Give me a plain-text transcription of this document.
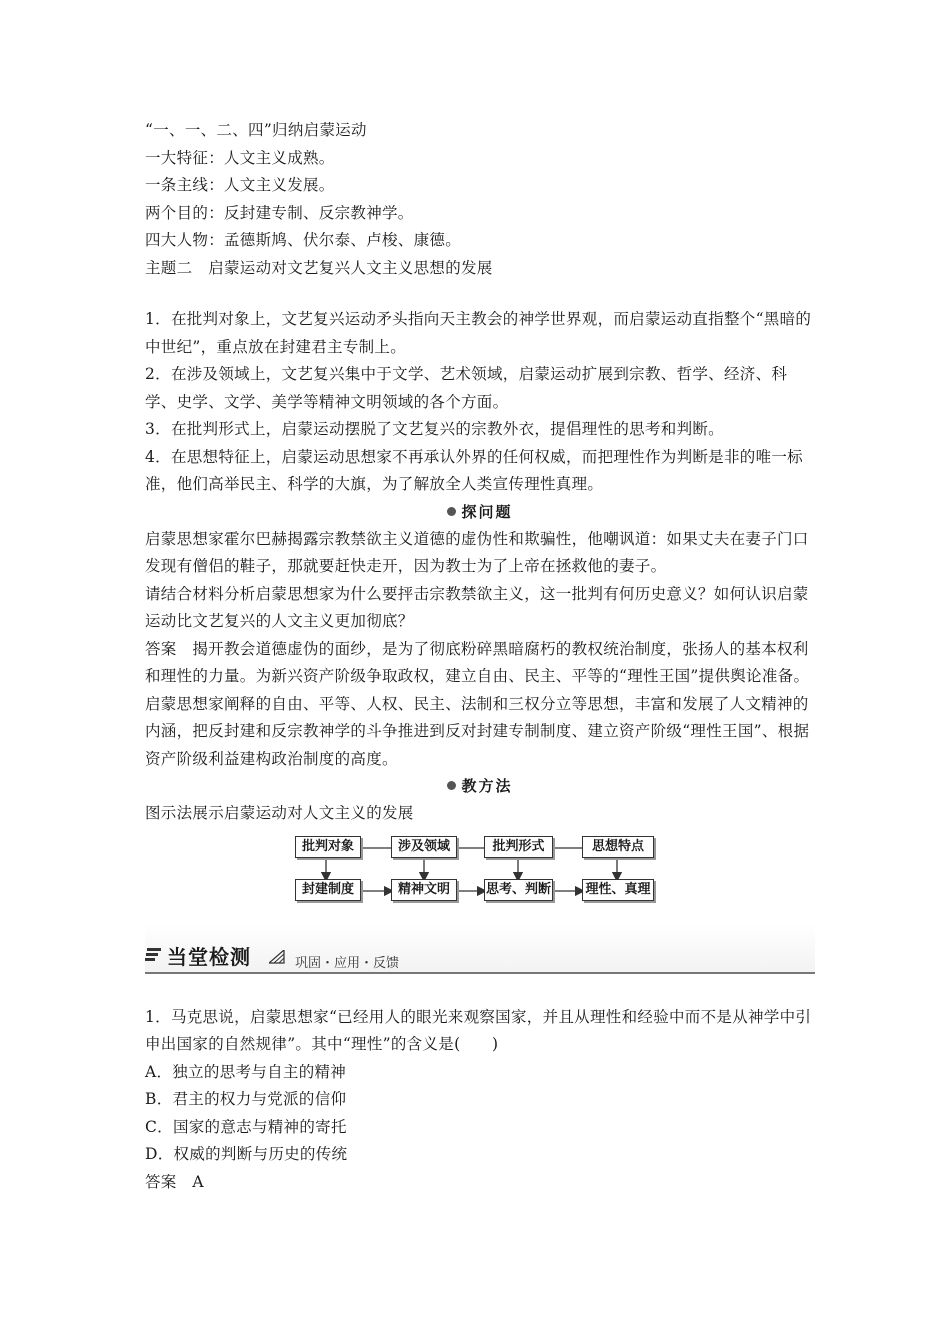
“一、一、二、四”归纳启蒙运动

一大特征：人文主义成熟。

一条主线：人文主义发展。

两个目的：反封建专制、反宗教神学。

四大人物：孟德斯鸠、伏尔泰、卢梭、康德。

主题二　启蒙运动对文艺复兴人文主义思想的发展

1．在批判对象上，文艺复兴运动矛头指向天主教会的神学世界观，而启蒙运动直指整个“黑暗的中世纪”，重点放在封建君主专制上。

2．在涉及领域上，文艺复兴集中于文学、艺术领域，启蒙运动扩展到宗教、哲学、经济、科学、史学、文学、美学等精神文明领域的各个方面。

3．在批判形式上，启蒙运动摆脱了文艺复兴的宗教外衣，提倡理性的思考和判断。

4．在思想特征上，启蒙运动思想家不再承认外界的任何权威，而把理性作为判断是非的唯一标准，他们高举民主、科学的大旗，为了解放全人类宣传理性真理。

探问题

启蒙思想家霍尔巴赫揭露宗教禁欲主义道德的虚伪性和欺骗性，他嘲讽道：如果丈夫在妻子门口发现有僧侣的鞋子，那就要赶快走开，因为教士为了上帝在拯救他的妻子。

请结合材料分析启蒙思想家为什么要抨击宗教禁欲主义，这一批判有何历史意义？如何认识启蒙运动比文艺复兴的人文主义更加彻底？

答案　揭开教会道德虚伪的面纱，是为了彻底粉碎黑暗腐朽的教权统治制度，张扬人的基本权利和理性的力量。为新兴资产阶级争取政权，建立自由、民主、平等的“理性王国”提供舆论准备。启蒙思想家阐释的自由、平等、人权、民主、法制和三权分立等思想，丰富和发展了人文精神的内涵，把反封建和反宗教神学的斗争推进到反对封建专制制度、建立资产阶级“理性王国”、根据资产阶级利益建构政治制度的高度。

教方法

图示法展示启蒙运动对人文主义的发展

批判对象	涉及领域	批判形式	思想特点
封建制度	精神文明	思考、判断	理性、真理
当堂检测	巩固・应用・反馈

1．马克思说，启蒙思想家“已经用人的眼光来观察国家，并且从理性和经验中而不是从神学中引申出国家的自然规律”。其中“理性”的含义是(　　)

A．独立的思考与自主的精神

B．君主的权力与党派的信仰

C．国家的意志与精神的寄托

D．权威的判断与历史的传统

答案　A
